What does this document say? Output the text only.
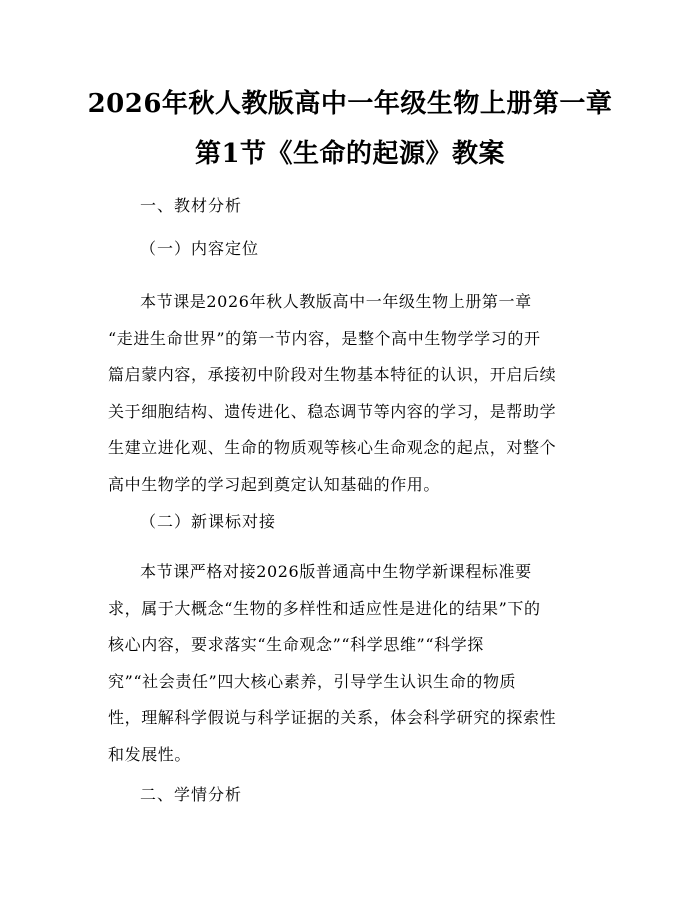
2026年秋人教版高中一年级生物上册第一章
第1节《生命的起源》教案
一、教材分析
（一）内容定位
本节课是2026年秋人教版高中一年级生物上册第一章
“走进生命世界”的第一节内容，是整个高中生物学学习的开
篇启蒙内容，承接初中阶段对生物基本特征的认识，开启后续
关于细胞结构、遗传进化、稳态调节等内容的学习，是帮助学
生建立进化观、生命的物质观等核心生命观念的起点，对整个
高中生物学的学习起到奠定认知基础的作用。
（二）新课标对接
本节课严格对接2026版普通高中生物学新课程标准要
求，属于大概念“生物的多样性和适应性是进化的结果”下的
核心内容，要求落实“生命观念”“科学思维”“科学探
究”“社会责任”四大核心素养，引导学生认识生命的物质
性，理解科学假说与科学证据的关系，体会科学研究的探索性
和发展性。
二、学情分析
